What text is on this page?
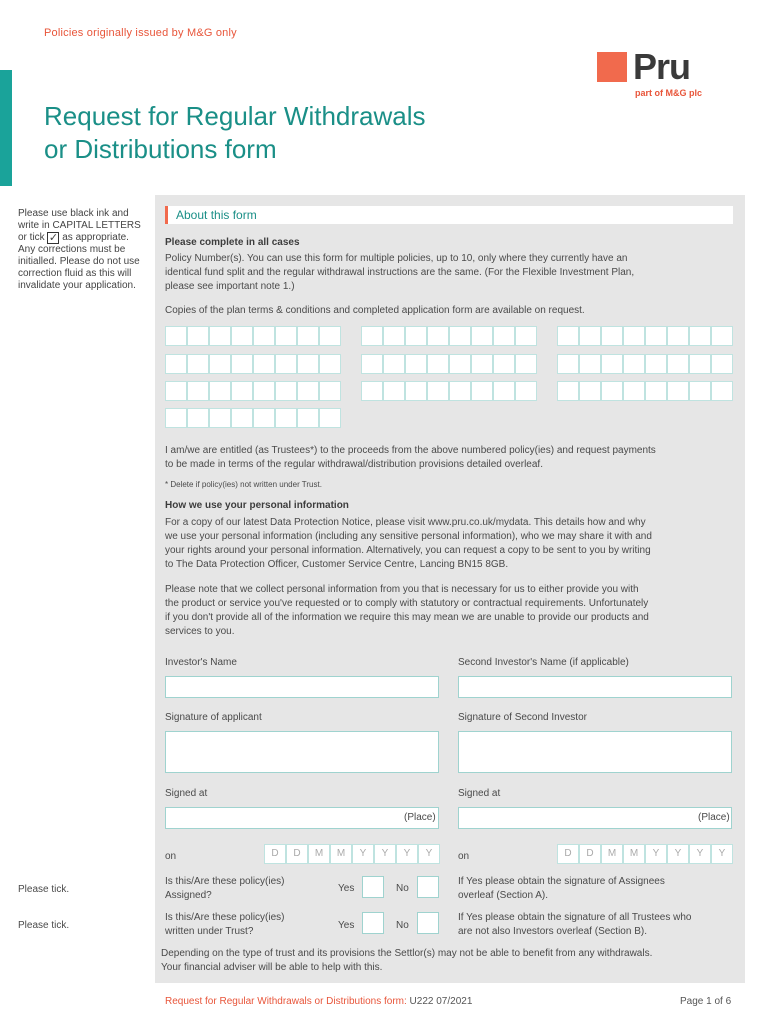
Policies originally issued by M&G only
Pru
part of M&G plc
Request for Regular Withdrawals
or Distributions form
Please use black ink and write in CAPITAL LETTERS or tick ✓ as appropriate. Any corrections must be initialled. Please do not use correction fluid as this will invalidate your application.
About this form
Please complete in all cases
Policy Number(s). You can use this form for multiple policies, up to 10, only where they currently have an
identical fund split and the regular withdrawal instructions are the same. (For the Flexible Investment Plan,
please see important note 1.)
Copies of the plan terms & conditions and completed application form are available on request.
I am/we are entitled (as Trustees*) to the proceeds from the above numbered policy(ies) and request payments
to be made in terms of the regular withdrawal/distribution provisions detailed overleaf.
* Delete if policy(ies) not written under Trust.
How we use your personal information
For a copy of our latest Data Protection Notice, please visit www.pru.co.uk/mydata. This details how and why
we use your personal information (including any sensitive personal information), who we may share it with and
your rights around your personal information. Alternatively, you can request a copy to be sent to you by writing
to The Data Protection Officer, Customer Service Centre, Lancing BN15 8GB.
Please note that we collect personal information from you that is necessary for us to either provide you with
the product or service you've requested or to comply with statutory or contractual requirements. Unfortunately
if you don't provide all of the information we require this may mean we are unable to provide our products and
services to you.
Investor's Name	Second Investor's Name (if applicable)
Signature of applicant	Signature of Second Investor
Signed at	Signed at
(Place)	(Place)
on	D	D	M	M	Y	Y	Y	Y	on	D	D	M	M	Y	Y	Y	Y
Please tick.
Is this/Are these policy(ies)
Assigned?
Yes	No
If Yes please obtain the signature of Assignees
overleaf (Section A).
Please tick.
Is this/Are these policy(ies)
written under Trust?
Yes	No
If Yes please obtain the signature of all Trustees who
are not also Investors overleaf (Section B).
Depending on the type of trust and its provisions the Settlor(s) may not be able to benefit from any withdrawals.
Your financial adviser will be able to help with this.
Request for Regular Withdrawals or Distributions form: U222 07/2021	Page 1 of 6
